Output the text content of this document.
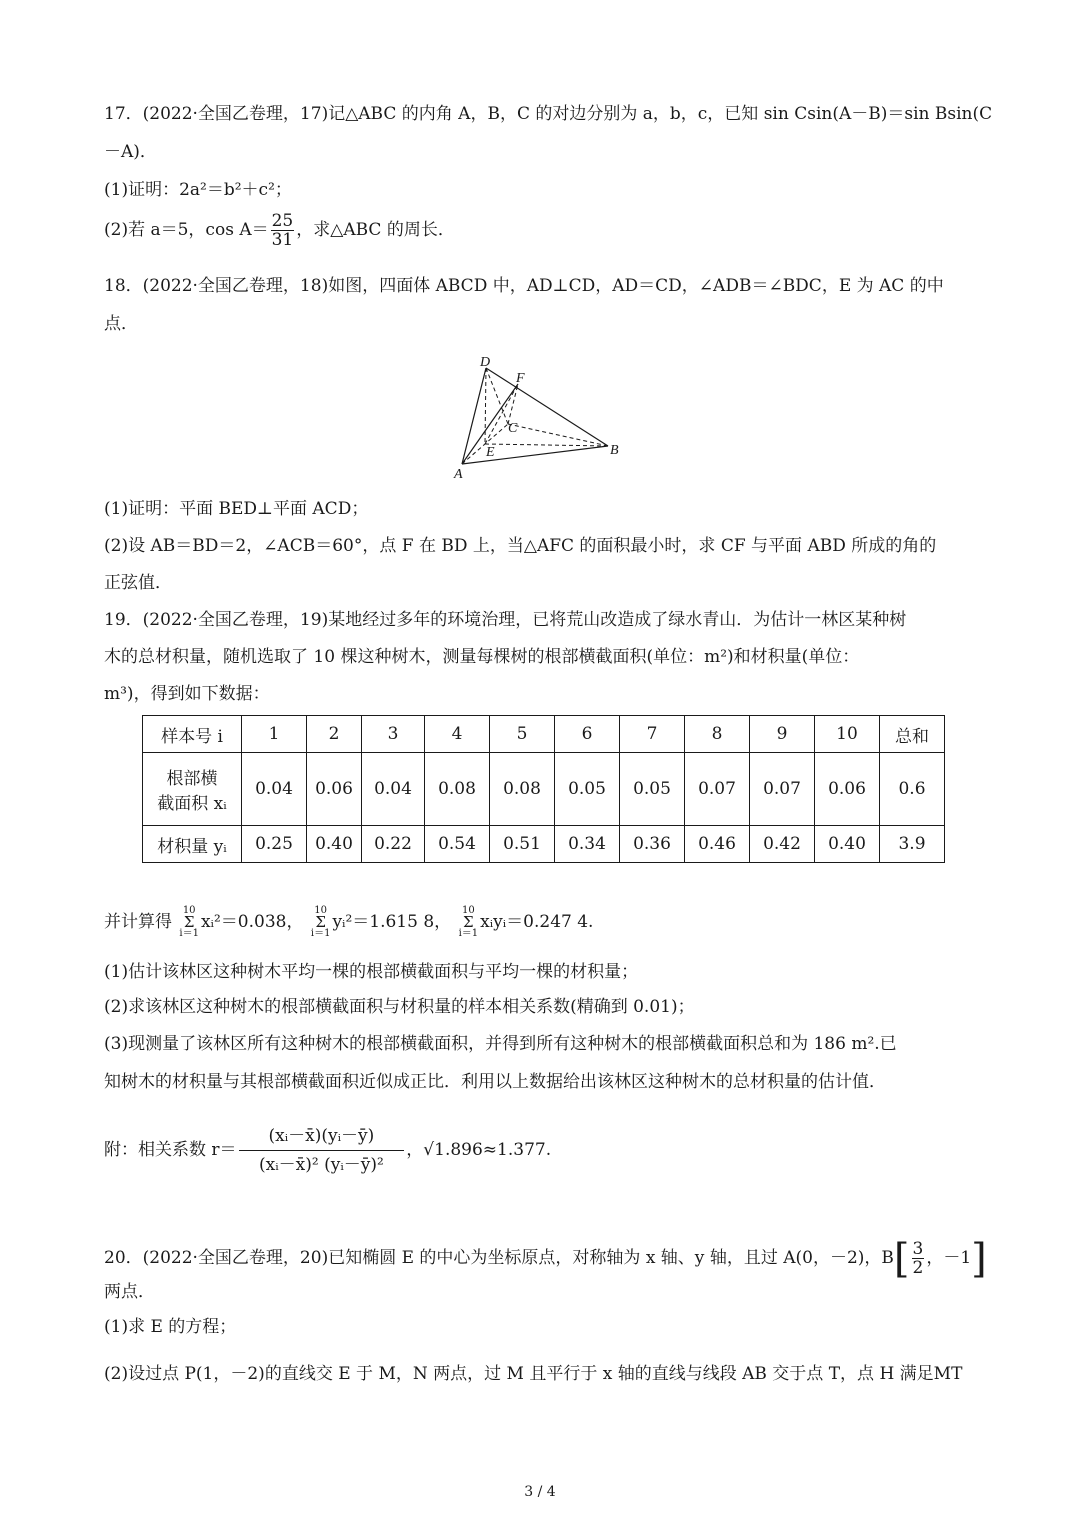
17．(2022·全国乙卷理，17)记△ABC 的内角 A，B，C 的对边分别为 a，b，c，已知 sin Csin(A－B)＝sin Bsin(C
－A)．
(1)证明：2a²＝b²＋c²；
(2)若 a＝5，$\cos A= \frac{25}{31}$ ，求△ABC 的周长．
18．(2022·全国乙卷理，18)如图，四面体 ABCD 中，AD⊥CD，AD＝CD，∠ADB＝∠BDC，E 为 AC 的中
点．
D
F
C
E	B
A
(1)证明：平面 BED⊥平面 ACD；
(2)设 AB＝BD＝2，∠ACB＝60°，点 F 在 BD 上，当△AFC 的面积最小时，求 CF 与平面 ABD 所成的角的
正弦值．
19．(2022·全国乙卷理，19)某地经过多年的环境治理，已将荒山改造成了绿水青山．为估计一林区某种树
木的总材积量，随机选取了 10 棵这种树木，测量每棵树的根部横截面积(单位：m²)和材积量(单位：
m³)，得到如下数据：
样本号 i	1	2	3	4	5	6	7	8	9	10	总和

根部横
截面积 xᵢ	0.04	0.06	0.04	0.08	0.08	0.05	0.05	0.07	0.07	0.06	0.6
材积量 yᵢ	0.25	0.40	0.22	0.54	0.51	0.34	0.36	0.46	0.42	0.40	3.9
并计算得 10
Σ
i＝1xᵢ²＝0.038， 10
Σ
i＝1yᵢ²＝1.615 8， 10
Σ
i＝1xᵢyᵢ＝0.247 4.
(1)估计该林区这种树木平均一棵的根部横截面积与平均一棵的材积量；
(2)求该林区这种树木的根部横截面积与材积量的样本相关系数(精确到 0.01)；
(3)现测量了该林区所有这种树木的根部横截面积，并得到所有这种树木的根部横截面积总和为 186 m².已
知树木的材积量与其根部横截面积近似成正比．利用以上数据给出该林区这种树木的总材积量的估计值．
附：相关系数 $r= \frac{\text{(xᵢ－x̄)(yᵢ－ȳ)}}{\text{(xᵢ－x̄)² (yᵢ－ȳ)²}}$ ，√1.896≈1.377.
20．(2022·全国乙卷理，20)已知椭圆 E 的中心为坐标原点，对称轴为 x 轴、y 轴，且过 A(0，－2)，$B[ \frac{3}{2}$ ，－1]
两点．
(1)求 E 的方程；
(2)设过点 P(1，－2)的直线交 E 于 M，N 两点，过 M 且平行于 x 轴的直线与线段 AB 交于点 T，点 H 满足MT
3 / 4
